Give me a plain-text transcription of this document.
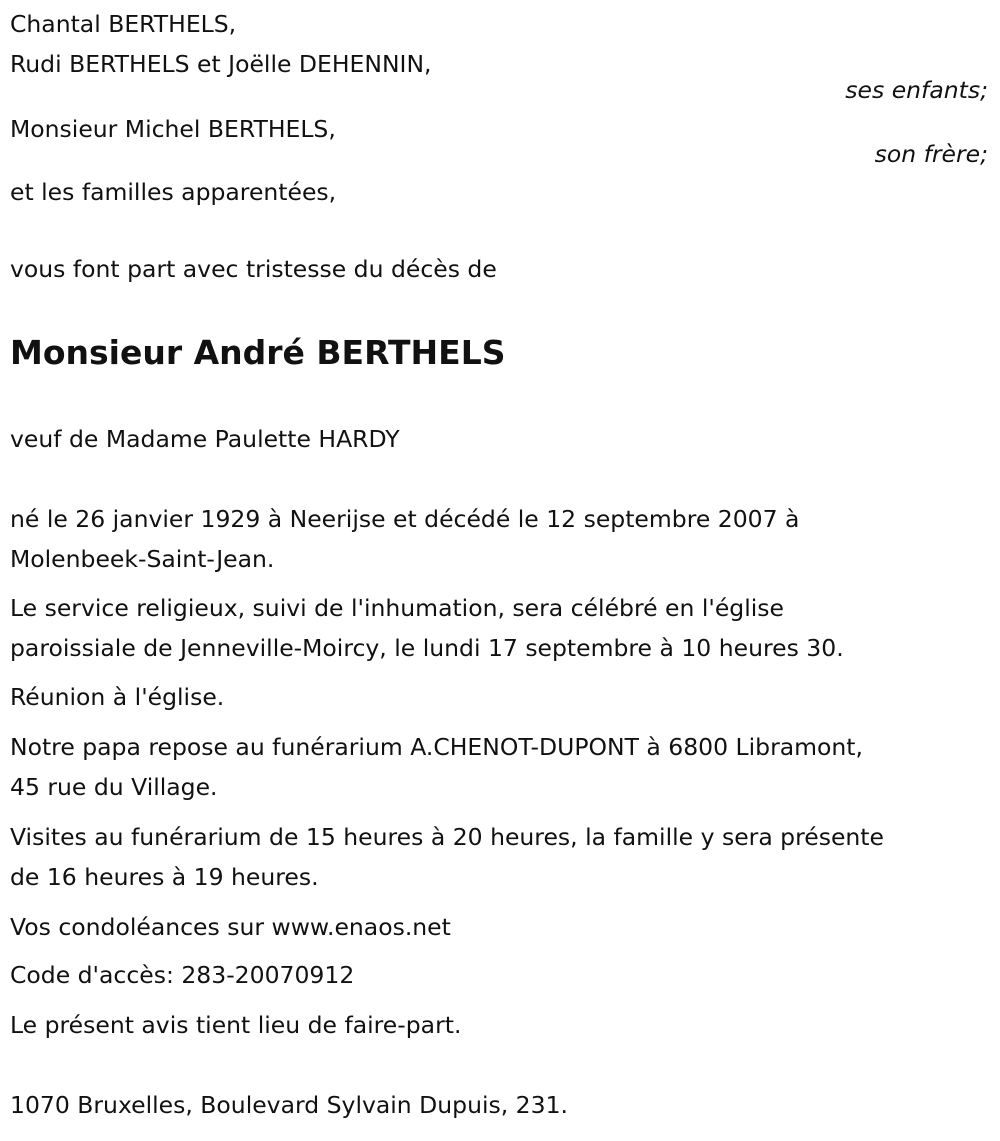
Chantal BERTHELS,
Rudi BERTHELS et Joëlle DEHENNIN,
ses enfants;
Monsieur Michel BERTHELS,
son frère;
et les familles apparentées,
vous font part avec tristesse du décès de
Monsieur André BERTHELS
veuf de Madame Paulette HARDY
né le 26 janvier 1929 à Neerijse et décédé le 12 septembre 2007 à
Molenbeek-Saint-Jean.
Le service religieux, suivi de l'inhumation, sera célébré en l'église
paroissiale de Jenneville-Moircy, le lundi 17 septembre à 10 heures 30.
Réunion à l'église.
Notre papa repose au funérarium A.CHENOT-DUPONT à 6800 Libramont,
45 rue du Village.
Visites au funérarium de 15 heures à 20 heures, la famille y sera présente
de 16 heures à 19 heures.
Vos condoléances sur www.enaos.net
Code d'accès: 283-20070912
Le présent avis tient lieu de faire-part.
1070 Bruxelles, Boulevard Sylvain Dupuis, 231.
